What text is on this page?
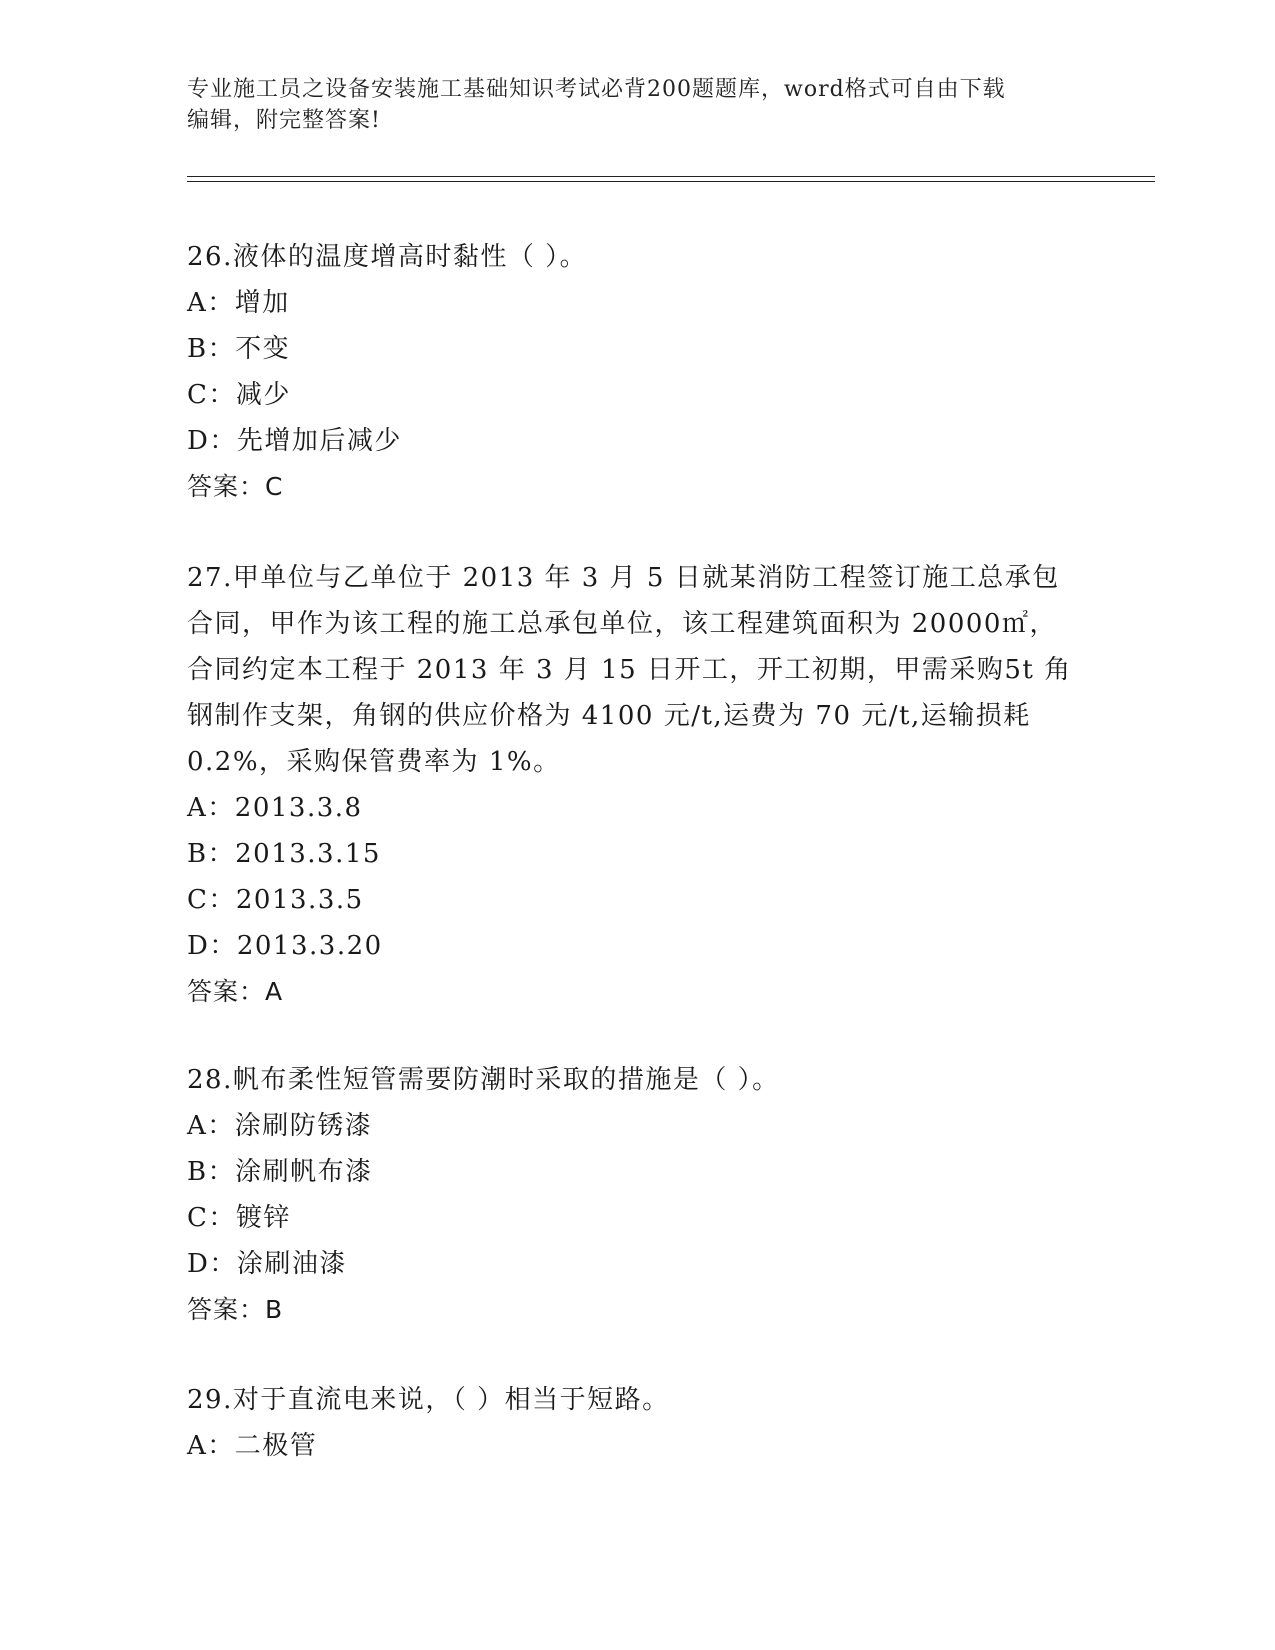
专业施工员之设备安装施工基础知识考试必背200题题库，word格式可自由下载
编辑，附完整答案!
26.液体的温度增高时黏性（ ）。
A：增加
B：不变
C：减少
D：先增加后减少
答案：C
27.甲单位与乙单位于 2013 年 3 月 5 日就某消防工程签订施工总承包
合同，甲作为该工程的施工总承包单位，该工程建筑面积为 20000㎡，
合同约定本工程于 2013 年 3 月 15 日开工，开工初期，甲需采购5t 角
钢制作支架，角钢的供应价格为 4100 元/t,运费为 70 元/t,运输损耗
0.2%，采购保管费率为 1%。
A：2013.3.8
B：2013.3.15
C：2013.3.5
D：2013.3.20
答案：A
28.帆布柔性短管需要防潮时采取的措施是（ ）。
A：涂刷防锈漆
B：涂刷帆布漆
C：镀锌
D：涂刷油漆
答案：B
29.对于直流电来说，（ ）相当于短路。
A：二极管
